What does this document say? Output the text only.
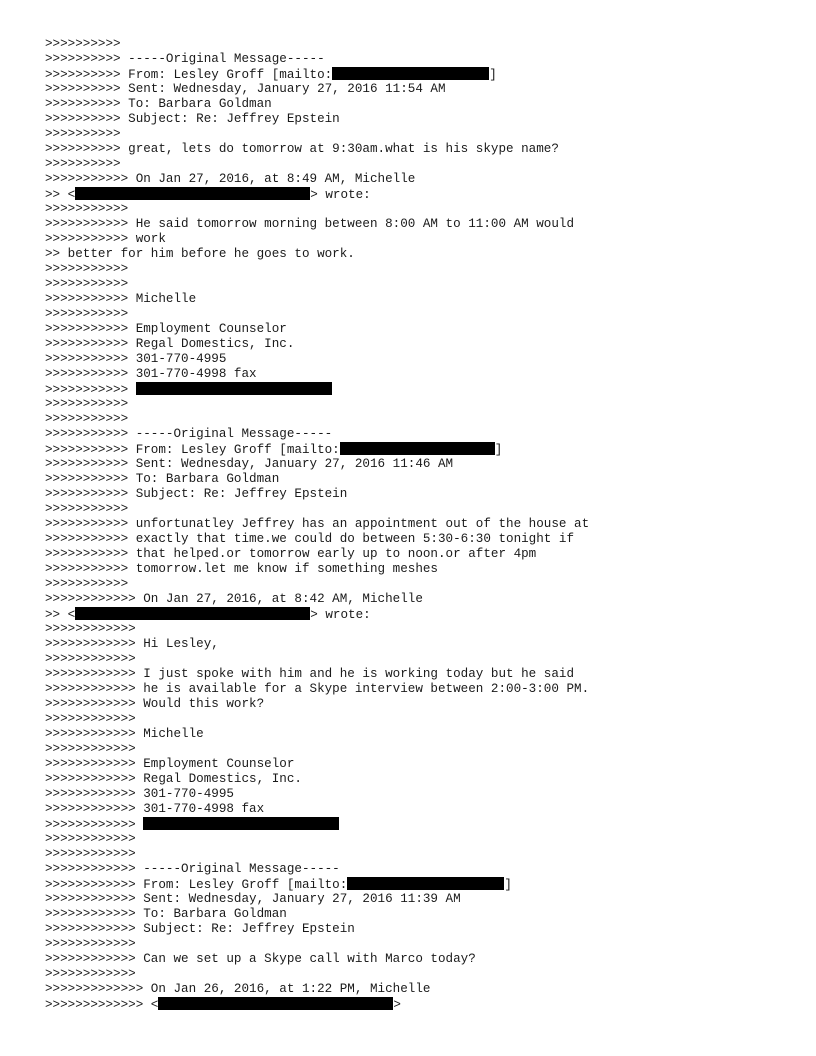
>>>>>>>>>>
>>>>>>>>>> -----Original Message-----
>>>>>>>>>> From: Lesley Groff [mailto:	]
>>>>>>>>>> Sent: Wednesday, January 27, 2016 11:54 AM
>>>>>>>>>> To: Barbara Goldman
>>>>>>>>>> Subject: Re: Jeffrey Epstein
>>>>>>>>>>
>>>>>>>>>> great, lets do tomorrow at 9:30am.what is his skype name?
>>>>>>>>>>
>>>>>>>>>>> On Jan 27, 2016, at 8:49 AM, Michelle
>> <	> wrote:
>>>>>>>>>>>
>>>>>>>>>>> He said tomorrow morning between 8:00 AM to 11:00 AM would
>>>>>>>>>>> work
>> better for him before he goes to work.
>>>>>>>>>>>
>>>>>>>>>>>
>>>>>>>>>>> Michelle
>>>>>>>>>>>
>>>>>>>>>>> Employment Counselor
>>>>>>>>>>> Regal Domestics, Inc.
>>>>>>>>>>> 301-770-4995
>>>>>>>>>>> 301-770-4998 fax
>>>>>>>>>>>
>>>>>>>>>>>
>>>>>>>>>>>
>>>>>>>>>>> -----Original Message-----
>>>>>>>>>>> From: Lesley Groff [mailto:	]
>>>>>>>>>>> Sent: Wednesday, January 27, 2016 11:46 AM
>>>>>>>>>>> To: Barbara Goldman
>>>>>>>>>>> Subject: Re: Jeffrey Epstein
>>>>>>>>>>>
>>>>>>>>>>> unfortunatley Jeffrey has an appointment out of the house at
>>>>>>>>>>> exactly that time.we could do between 5:30-6:30 tonight if
>>>>>>>>>>> that helped.or tomorrow early up to noon.or after 4pm
>>>>>>>>>>> tomorrow.let me know if something meshes
>>>>>>>>>>>
>>>>>>>>>>>> On Jan 27, 2016, at 8:42 AM, Michelle
>> <	> wrote:
>>>>>>>>>>>>
>>>>>>>>>>>> Hi Lesley,
>>>>>>>>>>>>
>>>>>>>>>>>> I just spoke with him and he is working today but he said
>>>>>>>>>>>> he is available for a Skype interview between 2:00-3:00 PM.
>>>>>>>>>>>> Would this work?
>>>>>>>>>>>>
>>>>>>>>>>>> Michelle
>>>>>>>>>>>>
>>>>>>>>>>>> Employment Counselor
>>>>>>>>>>>> Regal Domestics, Inc.
>>>>>>>>>>>> 301-770-4995
>>>>>>>>>>>> 301-770-4998 fax
>>>>>>>>>>>>
>>>>>>>>>>>>
>>>>>>>>>>>>
>>>>>>>>>>>> -----Original Message-----
>>>>>>>>>>>> From: Lesley Groff [mailto:	]
>>>>>>>>>>>> Sent: Wednesday, January 27, 2016 11:39 AM
>>>>>>>>>>>> To: Barbara Goldman
>>>>>>>>>>>> Subject: Re: Jeffrey Epstein
>>>>>>>>>>>>
>>>>>>>>>>>> Can we set up a Skype call with Marco today?
>>>>>>>>>>>>
>>>>>>>>>>>>> On Jan 26, 2016, at 1:22 PM, Michelle
>>>>>>>>>>>>> <	>
